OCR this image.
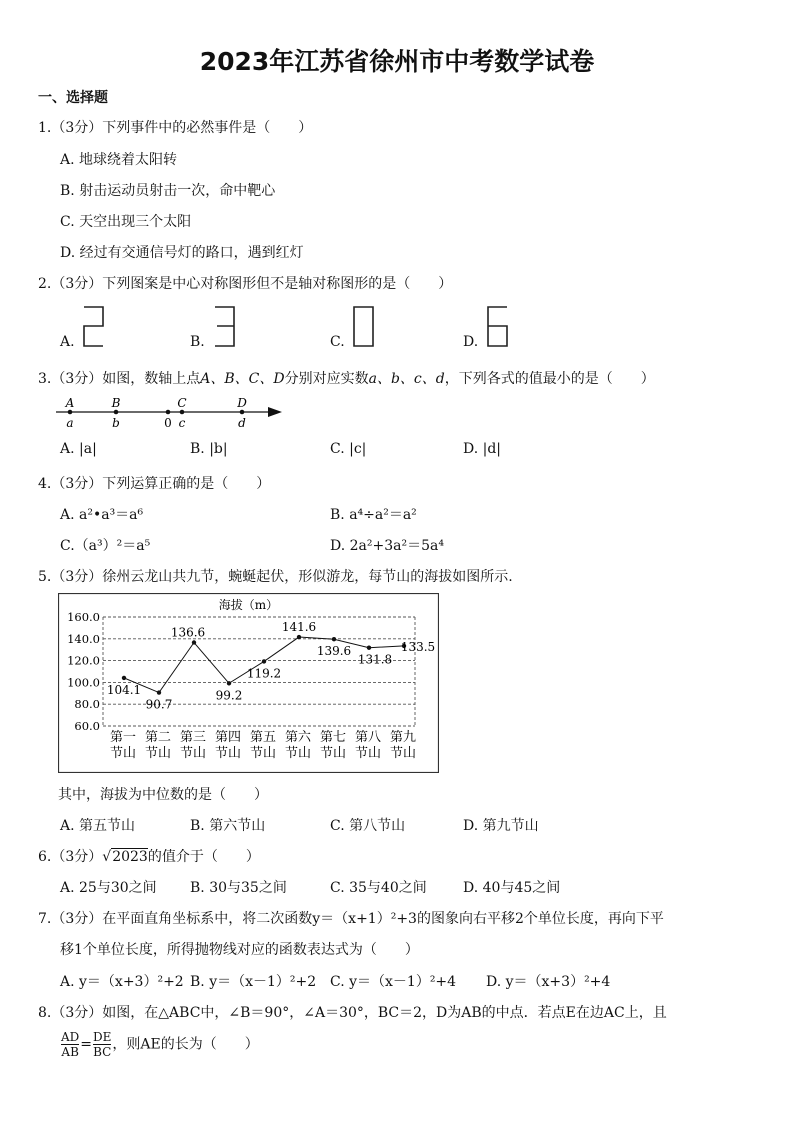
2023年江苏省徐州市中考数学试卷
一、选择题
1.（3分）下列事件中的必然事件是（　　）
A. 地球绕着太阳转
B. 射击运动员射击一次，命中靶心
C. 天空出现三个太阳
D. 经过有交通信号灯的路口，遇到红灯
2.（3分）下列图案是中心对称图形但不是轴对称图形的是（　　）
A.	B.	C.	D.
3.（3分）如图，数轴上点A、B、C、D分别对应实数a、b、c、d，下列各式的值最小的是（　　）
A	B	C	D
a	b	0 c	d
A. |a|	B. |b|	C. |c|	D. |d|
4.（3分）下列运算正确的是（　　）
A. a²•a³＝a⁶	B. a⁴÷a²＝a²
C.（a³）²＝a⁵	D. 2a²+3a²＝5a⁴
5.（3分）徐州云龙山共九节，蜿蜒起伏，形似游龙，每节山的海拔如图所示.
海拔（m）
160.0
140.0
120.0
100.0
80.0
60.0
104.1
90.7
136.6
99.2
119.2
141.6
139.6
131.8
133.5
第一
节山
第二
节山
第三
节山
第四
节山
第五
节山
第六
节山
第七
节山
第八
节山
第九
节山
其中，海拔为中位数的是（　　）
A. 第五节山	B. 第六节山	C. 第八节山	D. 第九节山
6.（3分）√2023的值介于（　　）
A. 25与30之间 B. 30与35之间	C. 35与40之间	D. 40与45之间
7.（3分）在平面直角坐标系中，将二次函数y＝（x+1）²+3的图象向右平移2个单位长度，再向下平
移1个单位长度，所得抛物线对应的函数表达式为（　　）
A. y＝（x+3）²+2 B. y＝（x－1）²+2 C. y＝（x－1）²+4 D. y＝（x+3）²+4
8.（3分）如图，在△ABC中，∠B＝90°，∠A＝30°，BC＝2，D为AB的中点．若点E在边AC上，且
$\frac{AD}{AB} = \frac{DE}{BC}$ ，则AE的长为（　　）
